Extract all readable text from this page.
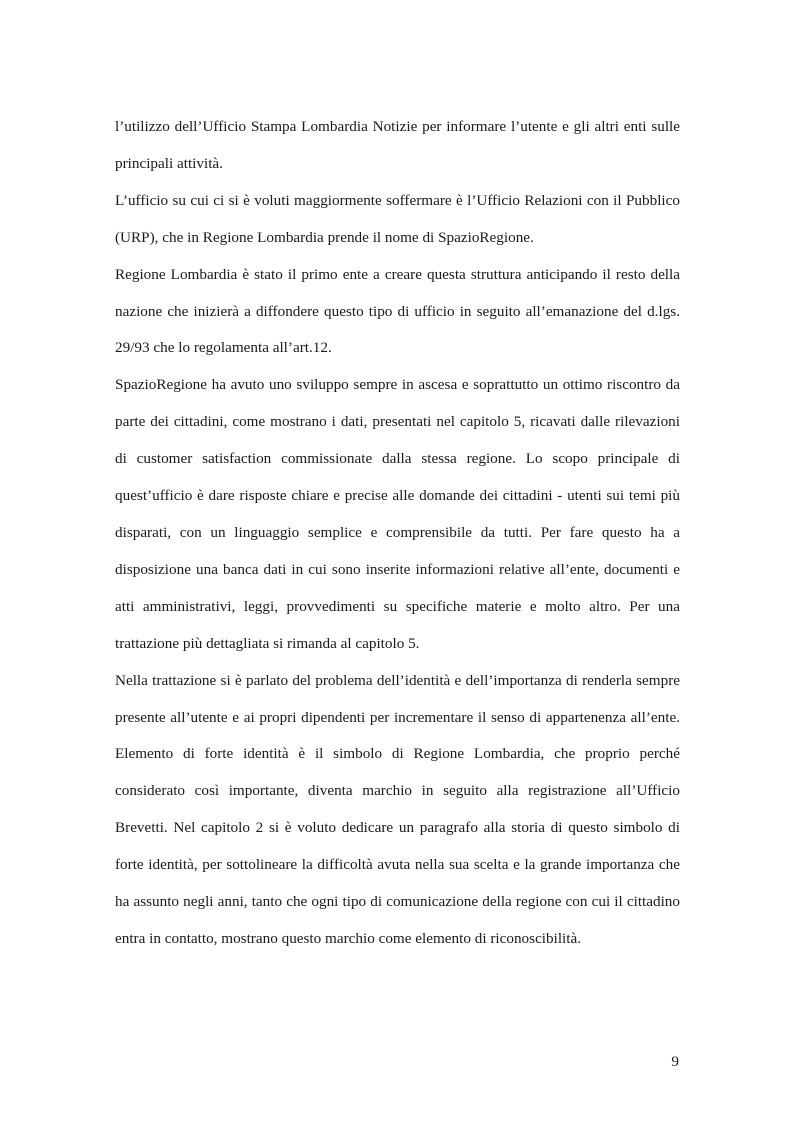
l’utilizzo dell’Ufficio Stampa Lombardia Notizie per informare l’utente e gli altri enti sulle principali attività.

L’ufficio su cui ci si è voluti maggiormente soffermare è l’Ufficio Relazioni con il Pubblico (URP), che in Regione Lombardia prende il nome di SpazioRegione.

Regione Lombardia è stato il primo ente a creare questa struttura anticipando il resto della nazione che inizierà a diffondere questo tipo di ufficio in seguito all’emanazione del d.lgs. 29/93 che lo regolamenta all’art.12.

SpazioRegione ha avuto uno sviluppo sempre in ascesa e soprattutto un ottimo riscontro da parte dei cittadini, come mostrano i dati, presentati nel capitolo 5, ricavati dalle rilevazioni di customer satisfaction commissionate dalla stessa regione. Lo scopo principale di quest’ufficio è dare risposte chiare e precise alle domande dei cittadini - utenti sui temi più disparati, con un linguaggio semplice e comprensibile da tutti. Per fare questo ha a disposizione una banca dati in cui sono inserite informazioni relative all’ente, documenti e atti amministrativi, leggi, provvedimenti su specifiche materie e molto altro. Per una trattazione più dettagliata si rimanda al capitolo 5.

Nella trattazione si è parlato del problema dell’identità e dell’importanza di renderla sempre presente all’utente e ai propri dipendenti per incrementare il senso di appartenenza all’ente. Elemento di forte identità è il simbolo di Regione Lombardia, che proprio perché considerato così importante, diventa marchio in seguito alla registrazione all’Ufficio Brevetti. Nel capitolo 2 si è voluto dedicare un paragrafo alla storia di questo simbolo di forte identità, per sottolineare la difficoltà avuta nella sua scelta e la grande importanza che ha assunto negli anni, tanto che ogni tipo di comunicazione della regione con cui il cittadino entra in contatto, mostrano questo marchio come elemento di riconoscibilità.

9
